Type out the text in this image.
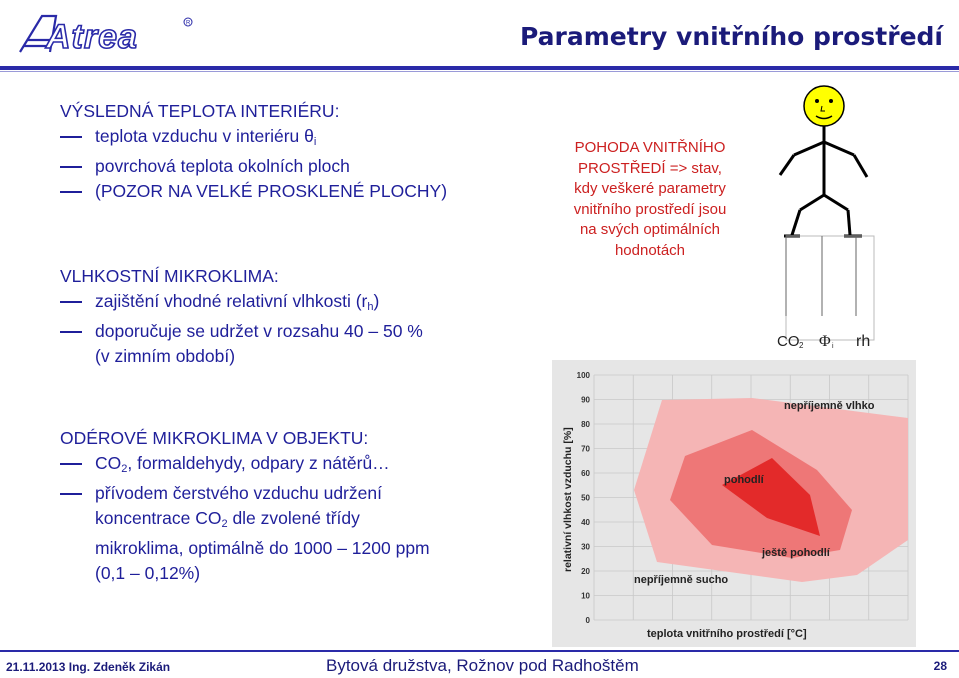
Atrea	R	Parametry vnitřního prostředí
VÝSLEDNÁ TEPLOTA INTERIÉRU:
teplota vzduchu v interiéru $\theta_i$
povrchová teplota okolních ploch
(POZOR NA VELKÉ PROSKLENÉ PLOCHY)
VLHKOSTNÍ MIKROKLIMA:
zajištění vhodné relativní vlhkosti $(r_h)$
doporučuje se udržet v rozsahu 40 – 50 %
(v zimním období)
ODÉROVÉ MIKROKLIMA V OBJEKTU:
$CO_2$, formaldehydy, odpary z nátěrů…
přívodem čerstvého vzduchu udržení
koncentrace $CO_2$ dle zvolené třídy
mikroklima, optimálně do 1000 – 1200 ppm
(0,1 – 0,12%)
POHODA VNITŘNÍHO
PROSTŘEDÍ => stav,
kdy veškeré parametry
vnitřního prostředí jsou
na svých optimálních
hodnotách
CO 2 Φ i rh
100
90
80
70
60
50
40
30
20
10
0
nepříjemně vlhko
pohodlí
ještě pohodlí
nepříjemně sucho
teplota vnitřního prostředí [°C]
relativní vlhkost vzduchu [%]
21.11.2013 Ing. Zdeněk Zikán	Bytová družstva, Rožnov pod Radhoštěm	28
